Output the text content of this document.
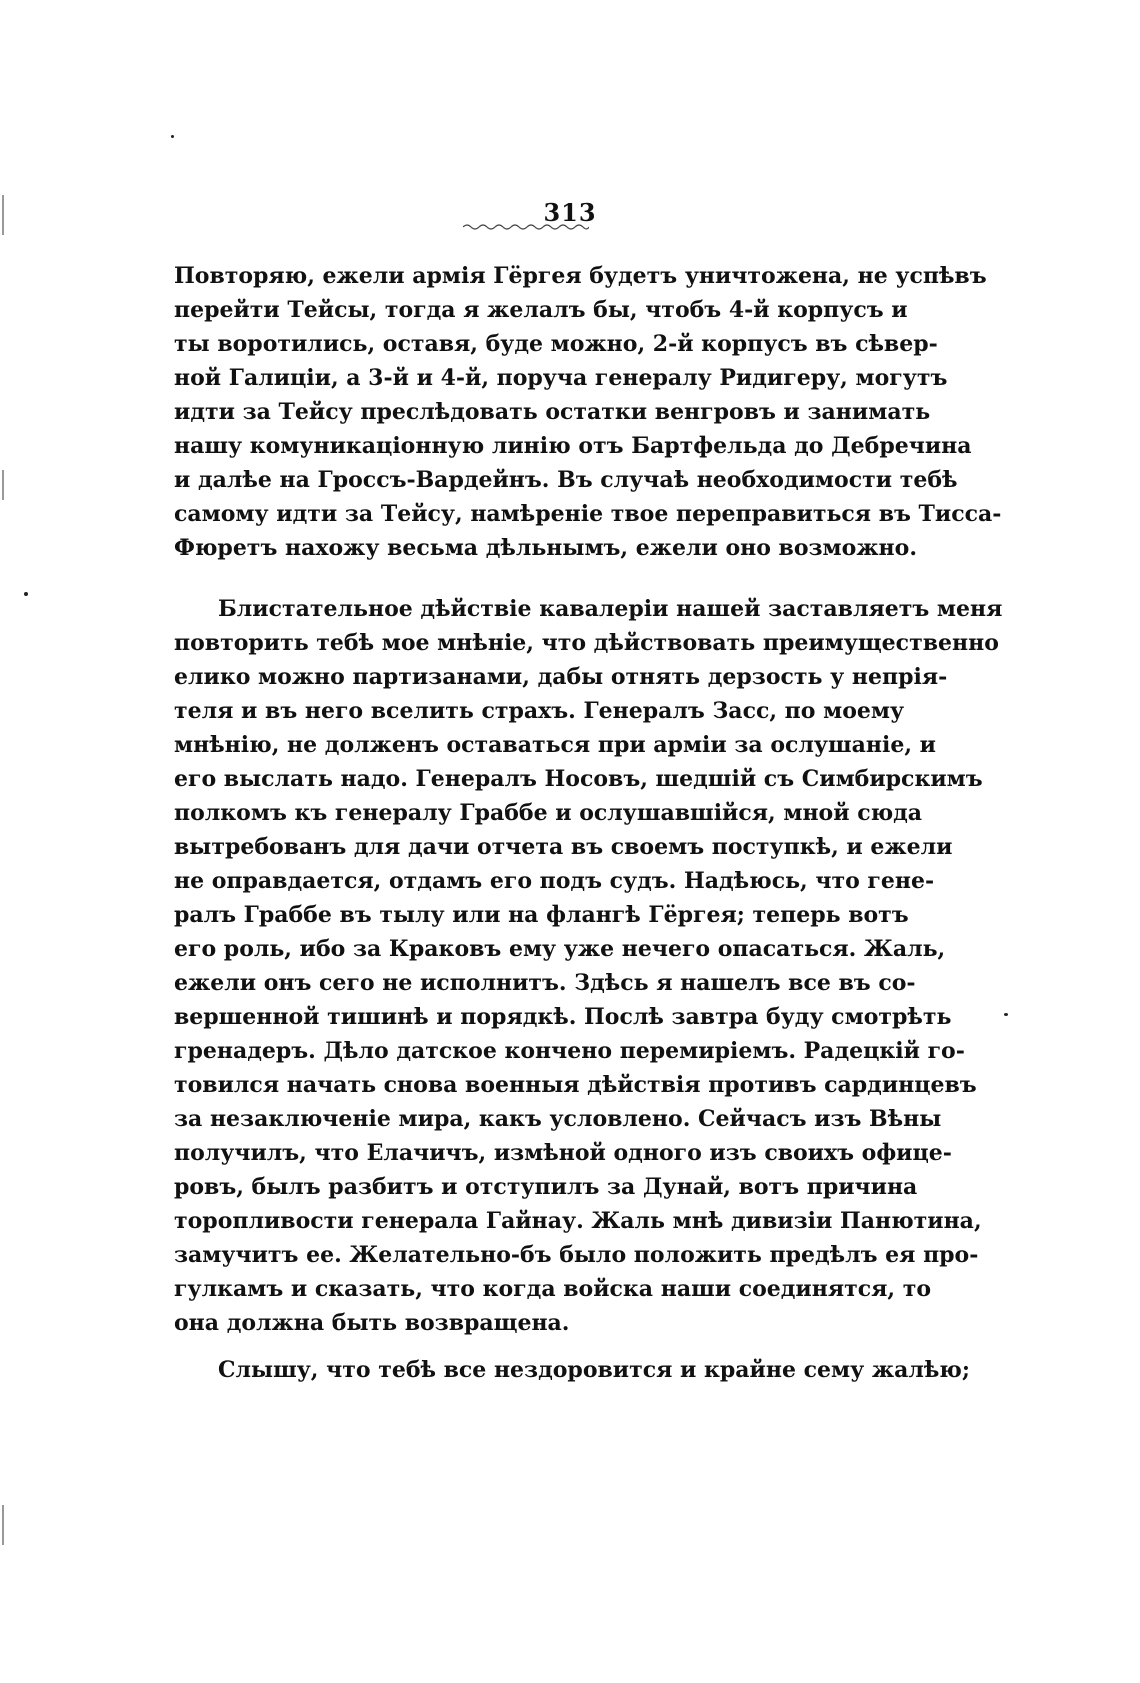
313
Повторяю, ежели армія Гёргея будетъ уничтожена, не успѣвъ
перейти Тейсы, тогда я желалъ бы, чтобъ 4-й корпусъ и
ты воротились, оставя, буде можно, 2-й корпусъ въ сѣвер-
ной Галиціи, а 3-й и 4-й, поруча генералу Ридигеру, могутъ
идти за Тейсу преслѣдовать остатки венгровъ и занимать
нашу комуникаціонную линію отъ Бартфельда до Дебречина
и далѣе на Гроссъ-Вардейнъ. Въ случаѣ необходимости тебѣ
самому идти за Тейсу, намѣреніе твое переправиться въ Тисса-
Фюретъ нахожу весьма дѣльнымъ, ежели оно возможно.
Блистательное дѣйствіе кавалеріи нашей заставляетъ меня
повторить тебѣ мое мнѣніе, что дѣйствовать преимущественно
елико можно партизанами, дабы отнять дерзость у непрія-
теля и въ него вселить страхъ. Генералъ Засс, по моему
мнѣнію, не долженъ оставаться при арміи за ослушаніе, и
его выслать надо. Генералъ Носовъ, шедшій съ Симбирскимъ
полкомъ къ генералу Граббе и ослушавшійся, мной сюда
вытребованъ для дачи отчета въ своемъ поступкѣ, и ежели
не оправдается, отдамъ его подъ судъ. Надѣюсь, что гене-
ралъ Граббе въ тылу или на флангѣ Гёргея; теперь вотъ
его роль, ибо за Краковъ ему уже нечего опасаться. Жаль,
ежели онъ сего не исполнитъ. Здѣсь я нашелъ все въ со-
вершенной тишинѣ и порядкѣ. Послѣ завтра буду смотрѣть
гренадеръ. Дѣло датское кончено перемиріемъ. Радецкій го-
товился начать снова военныя дѣйствія противъ сардинцевъ
за незаключеніе мира, какъ условлено. Сейчасъ изъ Вѣны
получилъ, что Елачичъ, измѣной одного изъ своихъ офице-
ровъ, былъ разбитъ и отступилъ за Дунай, вотъ причина
торопливости генерала Гайнау. Жаль мнѣ дивизіи Панютина,
замучитъ ее. Желательно-бъ было положить предѣлъ ея про-
гулкамъ и сказать, что когда войска наши соединятся, то
она должна быть возвращена.
Слышу, что тебѣ все нездоровится и крайне сему жалѣю;
